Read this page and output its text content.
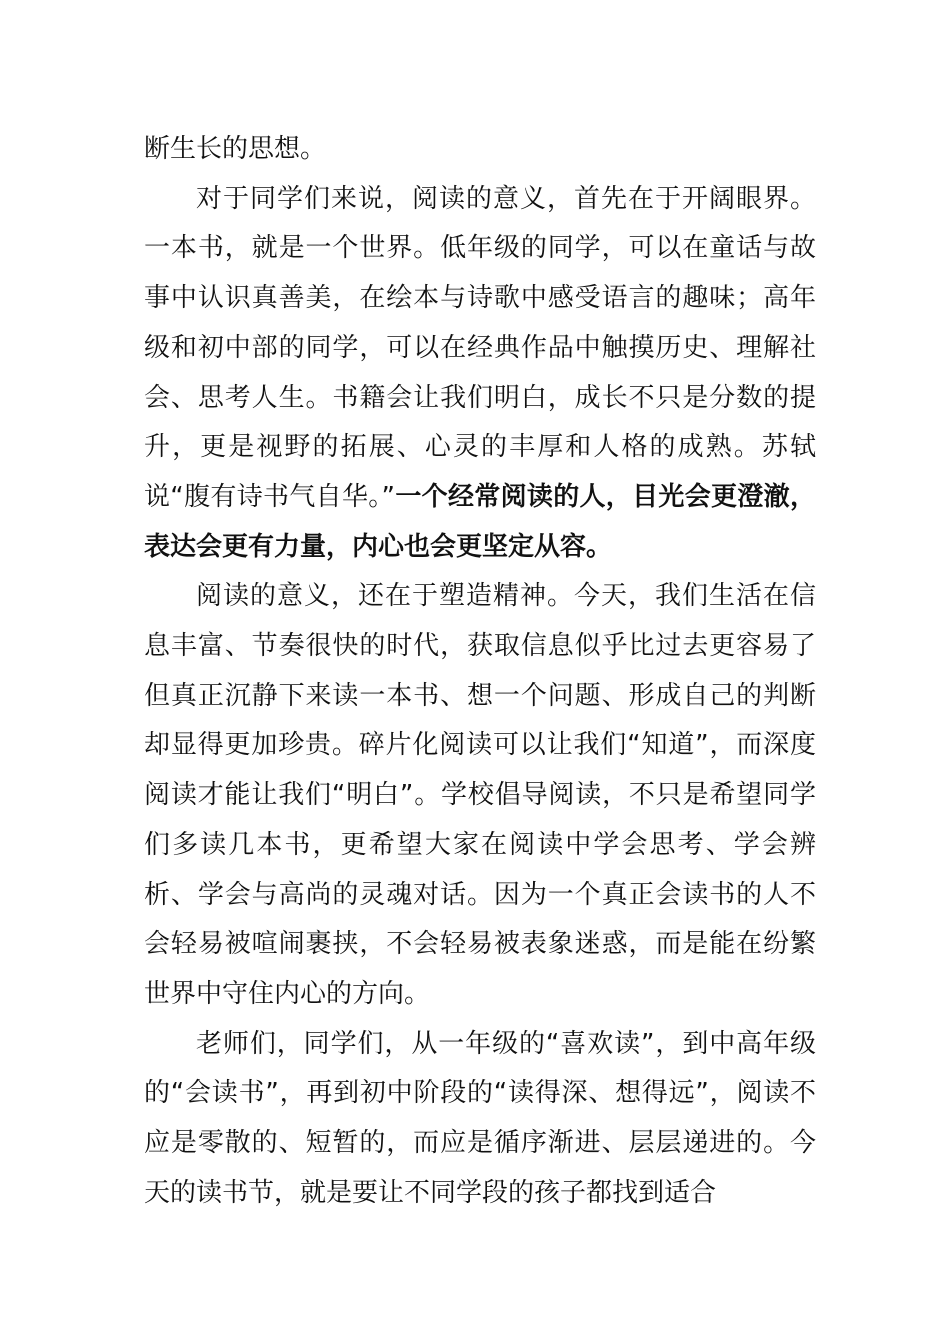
断生长的思想。

对于同学们来说，阅读的意义，首先在于开阔眼界。一本书，就是一个世界。低年级的同学，可以在童话与故事中认识真善美，在绘本与诗歌中感受语言的趣味；高年级和初中部的同学，可以在经典作品中触摸历史、理解社会、思考人生。书籍会让我们明白，成长不只是分数的提升，更是视野的拓展、心灵的丰厚和人格的成熟。苏轼说“腹有诗书气自华。”一个经常阅读的人，目光会更澄澈，表达会更有力量，内心也会更坚定从容。

阅读的意义，还在于塑造精神。今天，我们生活在信息丰富、节奏很快的时代，获取信息似乎比过去更容易了但真正沉静下来读一本书、想一个问题、形成自己的判断却显得更加珍贵。碎片化阅读可以让我们“知道”，而深度阅读才能让我们“明白”。学校倡导阅读，不只是希望同学们多读几本书，更希望大家在阅读中学会思考、学会辨析、学会与高尚的灵魂对话。因为一个真正会读书的人不会轻易被喧闹裹挟，不会轻易被表象迷惑，而是能在纷繁世界中守住内心的方向。

老师们，同学们，从一年级的“喜欢读”，到中高年级的“会读书”，再到初中阶段的“读得深、想得远”，阅读不应是零散的、短暂的，而应是循序渐进、层层递进的。今天的读书节，就是要让不同学段的孩子都找到适合
